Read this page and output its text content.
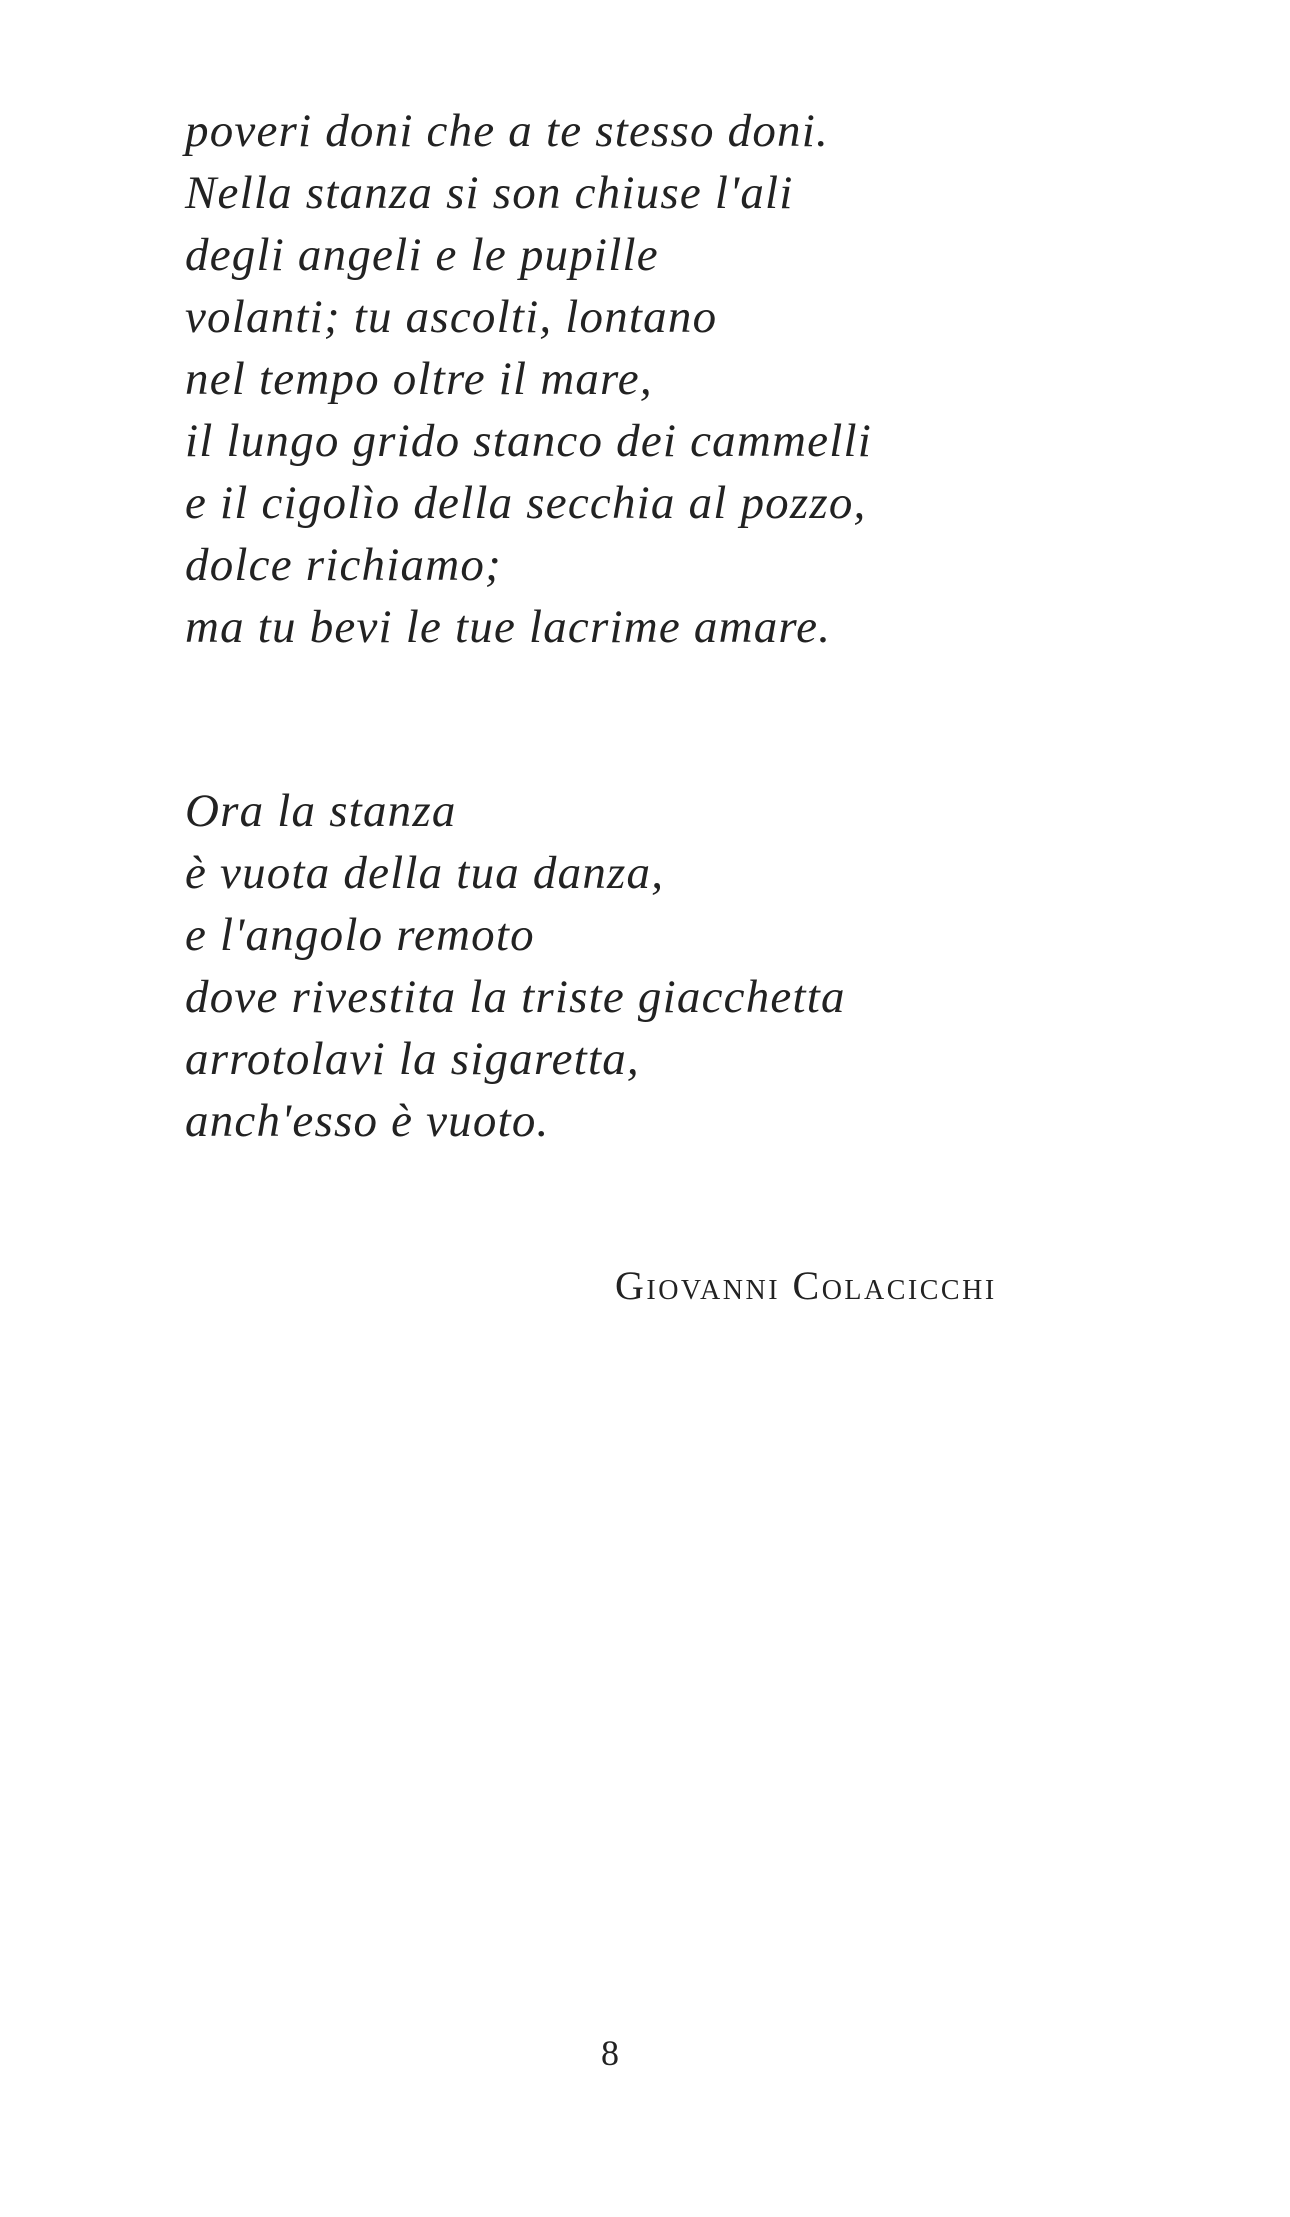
poveri doni che a te stesso doni.
Nella stanza si son chiuse l'ali
degli angeli e le pupille
volanti; tu ascolti, lontano
nel tempo oltre il mare,
il lungo grido stanco dei cammelli
e il cigolìo della secchia al pozzo,
dolce richiamo;
ma tu bevi le tue lacrime amare.
Ora la stanza
è vuota della tua danza,
e l'angolo remoto
dove rivestita la triste giacchetta
arrotolavi la sigaretta,
anch'esso è vuoto.
Giovanni Colacicchi
8
